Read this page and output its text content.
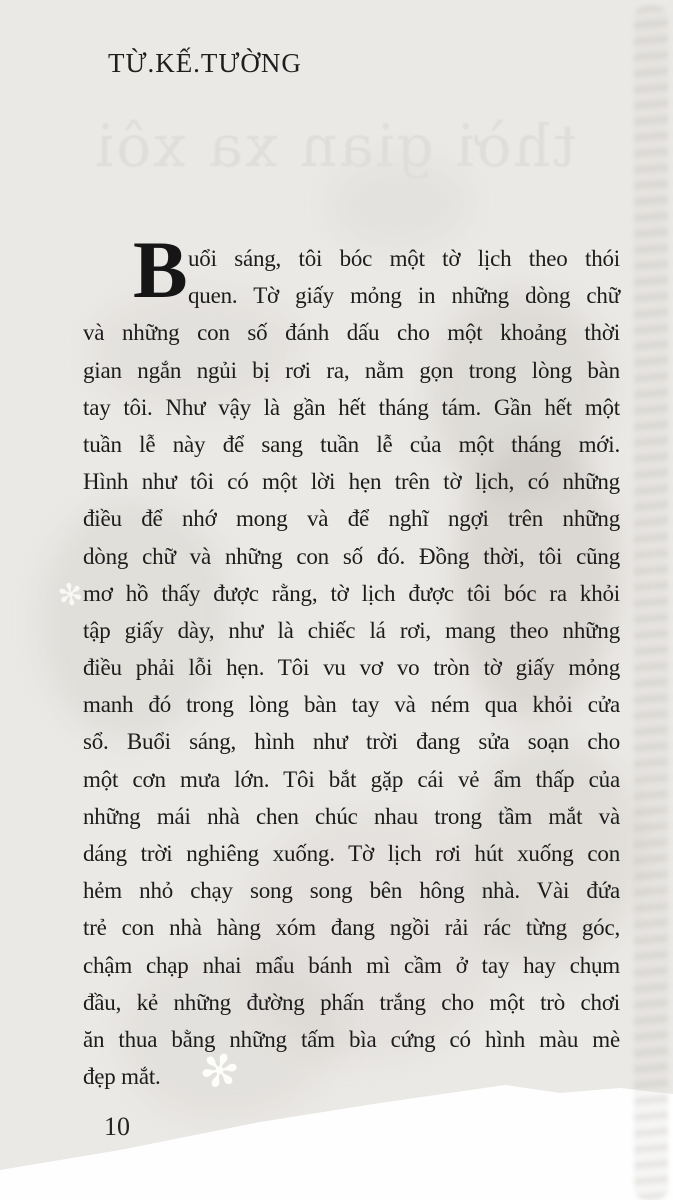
thời gian xa xôi
TỪ.KẾ.TƯỜNG
B uổi sáng, tôi bóc một tờ lịch theo thói
quen. Tờ giấy mỏng in những dòng chữ
và những con số đánh dấu cho một khoảng thời
gian ngắn ngủi bị rơi ra, nằm gọn trong lòng bàn
tay tôi. Như vậy là gần hết tháng tám. Gần hết một
tuần lễ này để sang tuần lễ của một tháng mới.
Hình như tôi có một lời hẹn trên tờ lịch, có những
điều để nhớ mong và để nghĩ ngợi trên những
dòng chữ và những con số đó. Đồng thời, tôi cũng
mơ hồ thấy được rằng, tờ lịch được tôi bóc ra khỏi
tập giấy dày, như là chiếc lá rơi, mang theo những
điều phải lỗi hẹn. Tôi vu vơ vo tròn tờ giấy mỏng
manh đó trong lòng bàn tay và ném qua khỏi cửa
sổ. Buổi sáng, hình như trời đang sửa soạn cho
một cơn mưa lớn. Tôi bắt gặp cái vẻ ẩm thấp của
những mái nhà chen chúc nhau trong tầm mắt và
dáng trời nghiêng xuống. Tờ lịch rơi hút xuống con
hẻm nhỏ chạy song song bên hông nhà. Vài đứa
trẻ con nhà hàng xóm đang ngồi rải rác từng góc,
chậm chạp nhai mẩu bánh mì cầm ở tay hay chụm
đầu, kẻ những đường phấn trắng cho một trò chơi
ăn thua bằng những tấm bìa cứng có hình màu mè
đẹp mắt. ✻
✻
10
